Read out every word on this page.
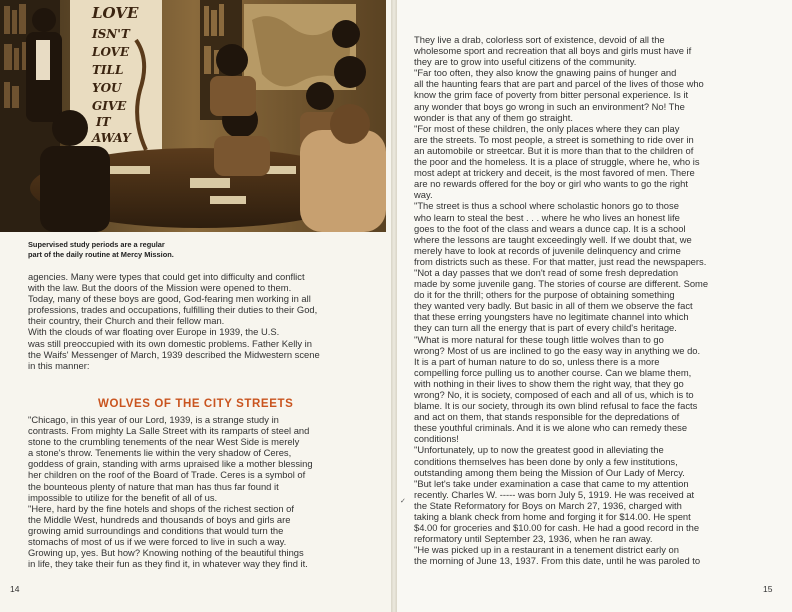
LOVE
ISN'T
LOVE
TILL
YOU
GIVE
IT
AWAY
Supervised study periods are a regular
part of the daily routine at Mercy Mission.
agencies. Many were types that could get into difficulty and conflict
with the law. But the doors of the Mission were opened to them.
Today, many of these boys are good, God-fearing men working in all
professions, trades and occupations, fulfilling their duties to their God,
their country, their Church and their fellow man.
With the clouds of war floating over Europe in 1939, the U.S.
was still preoccupied with its own domestic problems. Father Kelly in
the Waifs' Messenger of March, 1939 described the Midwestern scene
in this manner:
WOLVES OF THE CITY STREETS
"Chicago, in this year of our Lord, 1939, is a strange study in
contrasts. From mighty La Salle Street with its ramparts of steel and
stone to the crumbling tenements of the near West Side is merely
a stone's throw. Tenements lie within the very shadow of Ceres,
goddess of grain, standing with arms upraised like a mother blessing
her children on the roof of the Board of Trade. Ceres is a symbol of
the bounteous plenty of nature that man has thus far found it
impossible to utilize for the benefit of all of us.
"Here, hard by the fine hotels and shops of the richest section of
the Middle West, hundreds and thousands of boys and girls are
growing amid surroundings and conditions that would turn the
stomachs of most of us if we were forced to live in such a way.
Growing up, yes. But how? Knowing nothing of the beautiful things
in life, they take their fun as they find it, in whatever way they find it.
14
They live a drab, colorless sort of existence, devoid of all the
wholesome sport and recreation that all boys and girls must have if
they are to grow into useful citizens of the community.
"Far too often, they also know the gnawing pains of hunger and
all the haunting fears that are part and parcel of the lives of those who
know the grim face of poverty from bitter personal experience. Is it
any wonder that boys go wrong in such an environment? No! The
wonder is that any of them go straight.
"For most of these children, the only places where they can play
are the streets. To most people, a street is something to ride over in
an automobile or streetcar. But it is more than that to the children of
the poor and the homeless. It is a place of struggle, where he, who is
most adept at trickery and deceit, is the most favored of men. There
are no rewards offered for the boy or girl who wants to go the right
way.
"The street is thus a school where scholastic honors go to those
who learn to steal the best . . . where he who lives an honest life
goes to the foot of the class and wears a dunce cap. It is a school
where the lessons are taught exceedingly well. If we doubt that, we
merely have to look at records of juvenile delinquency and crime
from districts such as these. For that matter, just read the newspapers.
"Not a day passes that we don't read of some fresh depredation
made by some juvenile gang. The stories of course are different. Some
do it for the thrill; others for the purpose of obtaining something
they wanted very badly. But basic in all of them we observe the fact
that these erring youngsters have no legitimate channel into which
they can turn all the energy that is part of every child's heritage.
"What is more natural for these tough little wolves than to go
wrong? Most of us are inclined to go the easy way in anything we do.
It is a part of human nature to do so, unless there is a more
compelling force pulling us to another course. Can we blame them,
with nothing in their lives to show them the right way, that they go
wrong? No, it is society, composed of each and all of us, which is to
blame. It is our society, through its own blind refusal to face the facts
and act on them, that stands responsible for the depredations of
these youthful criminals. And it is we alone who can remedy these
conditions!
"Unfortunately, up to now the greatest good in alleviating the
conditions themselves has been done by only a few institutions,
outstanding among them being the Mission of Our Lady of Mercy.
"But let's take under examination a case that came to my attention
recently. Charles W. ----- was born July 5, 1919. He was received at
the State Reformatory for Boys on March 27, 1936, charged with
taking a blank check from home and forging it for $14.00. He spent
$4.00 for groceries and $10.00 for cash. He had a good record in the
reformatory until September 23, 1936, when he ran away.
"He was picked up in a restaurant in a tenement district early on
the morning of June 13, 1937. From this date, until he was paroled to
✓
15
